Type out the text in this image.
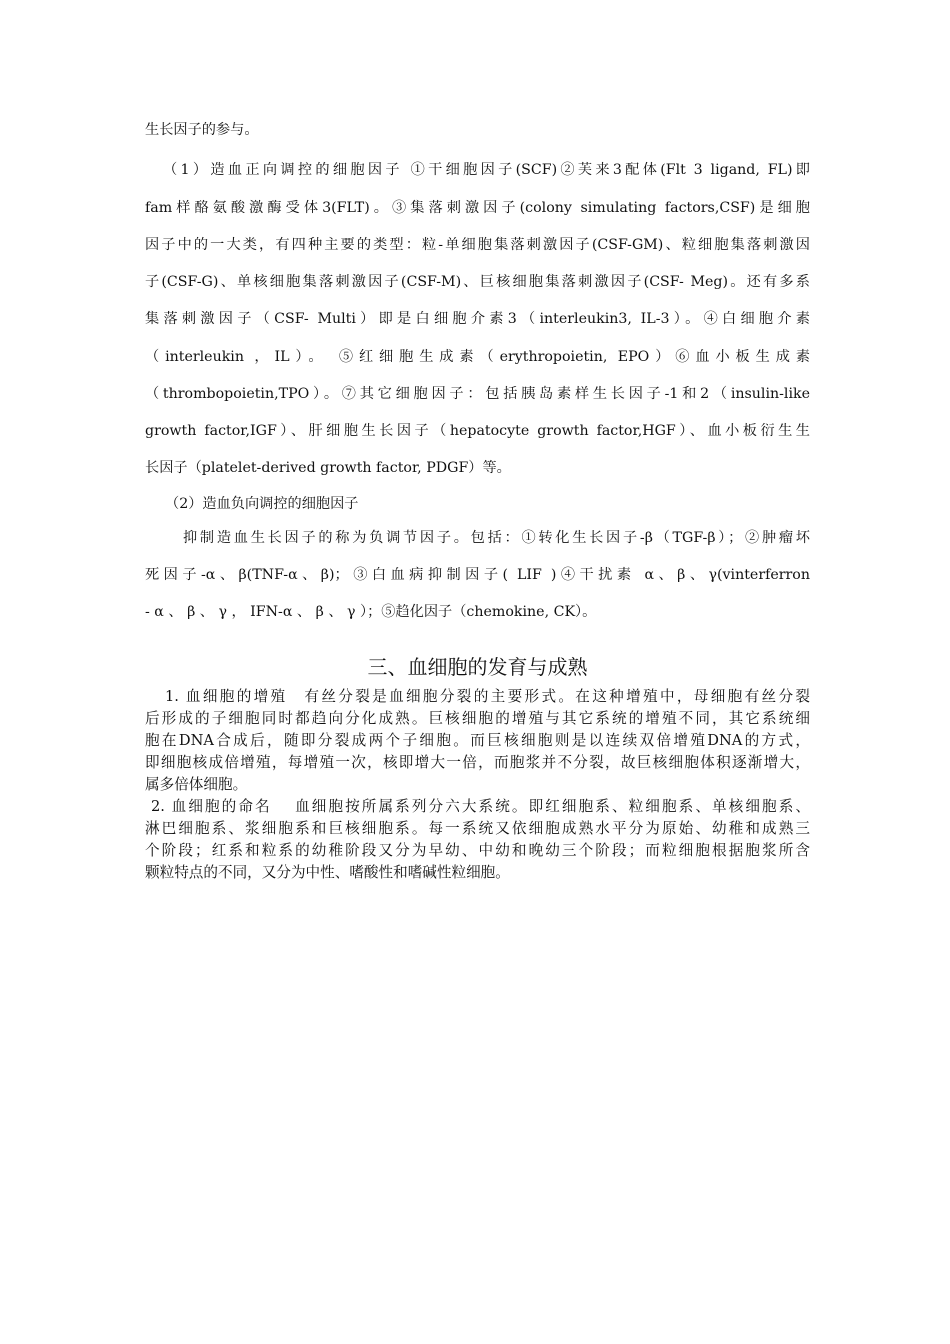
生长因子的参与。
（1）造血正向调控的细胞因子 ①干细胞因子(SCF)②芙来3配体(Flt 3 ligand, FL)即
fam样酪氨酸激酶受体3(FLT)。③集落刺激因子(colony simulating factors,CSF)是细胞
因子中的一大类，有四种主要的类型：粒-单细胞集落刺激因子(CSF-GM)、粒细胞集落刺激因
子(CSF-G)、单核细胞集落刺激因子(CSF-M)、巨核细胞集落刺激因子(CSF- Meg)。还有多系
集落刺激因子（CSF- Multi）即是白细胞介素3（interleukin3, IL-3）。④白细胞介素
（interleukin ，IL）。 ⑤红细胞生成素（erythropoietin, EPO）⑥血小板生成素
（thrombopoietin,TPO）。⑦其它细胞因子：包括胰岛素样生长因子-1和2（insulin-like
growth factor,IGF）、肝细胞生长因子（hepatocyte growth factor,HGF）、血小板衍生生
长因子（platelet-derived growth factor, PDGF）等。
（2）造血负向调控的细胞因子
抑制造血生长因子的称为负调节因子。包括：①转化生长因子-β（TGF-β）；②肿瘤坏
死因子-α、β(TNF-α、β)；③白血病抑制因子( LIF )④干扰素 α、β、γ(vinterferron
- α 、 β 、 γ ， IFN-α 、 β 、 γ ）；⑤趋化因子（chemokine, CK）。
三、血细胞的发育与成熟
1. 血细胞的增殖　有丝分裂是血细胞分裂的主要形式。在这种增殖中，母细胞有丝分裂
后形成的子细胞同时都趋向分化成熟。巨核细胞的增殖与其它系统的增殖不同，其它系统细
胞在DNA合成后，随即分裂成两个子细胞。而巨核细胞则是以连续双倍增殖DNA的方式，
即细胞核成倍增殖，每增殖一次，核即增大一倍，而胞浆并不分裂，故巨核细胞体积逐渐增大，
属多倍体细胞。
2. 血细胞的命名　 血细胞按所属系列分六大系统。即红细胞系、粒细胞系、单核细胞系、
淋巴细胞系、浆细胞系和巨核细胞系。每一系统又依细胞成熟水平分为原始、幼稚和成熟三
个阶段；红系和粒系的幼稚阶段又分为早幼、中幼和晚幼三个阶段；而粒细胞根据胞浆所含
颗粒特点的不同，又分为中性、嗜酸性和嗜碱性粒细胞。
